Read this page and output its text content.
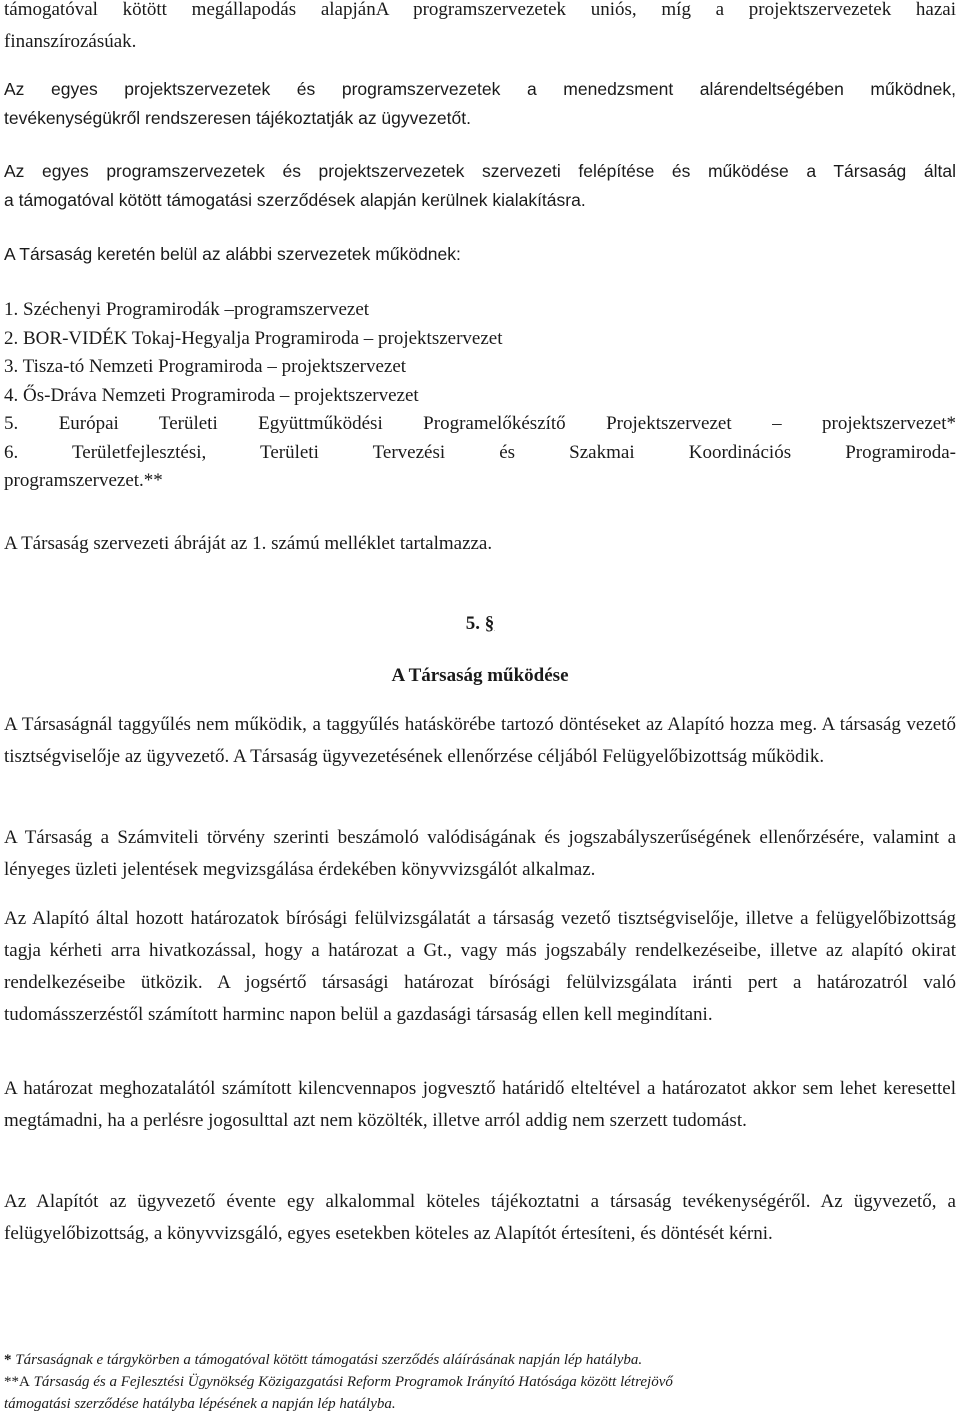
támogatóval kötött megállapodás alapjánA programszervezetek uniós, míg a projektszervezetek hazai

finanszírozásúak.

Az egyes projektszervezetek és programszervezetek a menedzsment alárendeltségében működnek,

tevékenységükről rendszeresen tájékoztatják az ügyvezetőt.

Az egyes programszervezetek és projektszervezetek szervezeti felépítése és működése a Társaság által

a támogatóval kötött támogatási szerződések alapján kerülnek kialakításra.

A Társaság keretén belül az alábbi szervezetek működnek:

1. Széchenyi Programirodák –programszervezet

2. BOR-VIDÉK Tokaj-Hegyalja Programiroda – projektszervezet

3. Tisza-tó Nemzeti Programiroda – projektszervezet

4. Ős-Dráva Nemzeti Programiroda – projektszervezet

5. Európai Területi Együttműködési Programelőkészítő Projektszervezet – projektszervezet*

6. Területfejlesztési, Területi Tervezési és Szakmai Koordinációs Programiroda-

programszervezet.**

A Társaság szervezeti ábráját az 1. számú melléklet tartalmazza.

5. §

A Társaság működése

A Társaságnál taggyűlés nem működik, a taggyűlés hatáskörébe tartozó döntéseket az Alapító hozza meg. A társaság vezető tisztségviselője az ügyvezető. A Társaság ügyvezetésének ellenőrzése céljából Felügyelőbizottság működik.

A Társaság a Számviteli törvény szerinti beszámoló valódiságának és jogszabályszerűségének ellenőrzésére, valamint a lényeges üzleti jelentések megvizsgálása érdekében könyvvizsgálót alkalmaz.

Az Alapító által hozott határozatok bírósági felülvizsgálatát a társaság vezető tisztségviselője, illetve a felügyelőbizottság tagja kérheti arra hivatkozással, hogy a határozat a Gt., vagy más jogszabály rendelkezéseibe, illetve az alapító okirat rendelkezéseibe ütközik. A jogsértő társasági határozat bírósági felülvizsgálata iránti pert a határozatról való tudomásszerzéstől számított harminc napon belül a gazdasági társaság ellen kell megindítani.

A határozat meghozatalától számított kilencvennapos jogvesztő határidő elteltével a határozatot akkor sem lehet keresettel megtámadni, ha a perlésre jogosulttal azt nem közölték, illetve arról addig nem szerzett tudomást.

Az Alapítót az ügyvezető évente egy alkalommal köteles tájékoztatni a társaság tevékenységéről. Az ügyvezető, a felügyelőbizottság, a könyvvizsgáló, egyes esetekben köteles az Alapítót értesíteni, és döntését kérni.

* Társaságnak e tárgykörben a támogatóval kötött támogatási szerződés aláírásának napján lép hatályba.

**A Társaság és a Fejlesztési Ügynökség Közigazgatási Reform Programok Irányító Hatósága között létrejövő

támogatási szerződése hatályba lépésének a napján lép hatályba.
